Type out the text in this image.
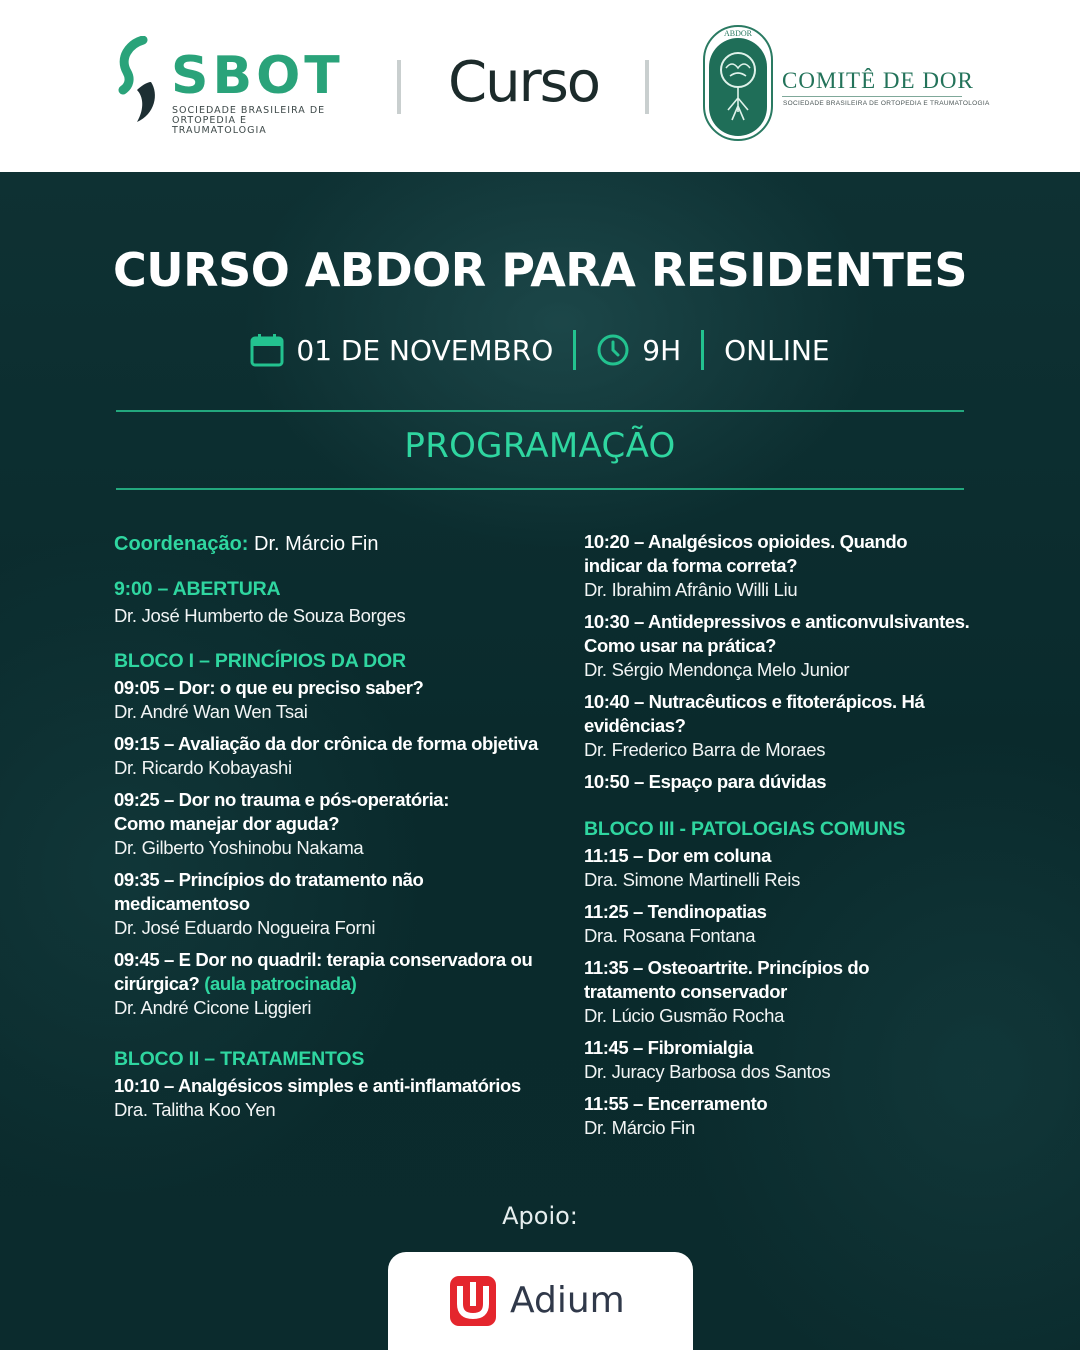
SBOT
SOCIEDADE BRASILEIRA DE ORTOPEDIA E TRAUMATOLOGIA
Curso
ABDOR
COMITÊ DE DOR
SOCIEDADE BRASILEIRA DE ORTOPEDIA E TRAUMATOLOGIA
CURSO ABDOR PARA RESIDENTES
01 DE NOVEMBRO	9H ONLINE
PROGRAMAÇÃO
Coordenação: Dr. Márcio Fin
9:00 – ABERTURA
Dr. José Humberto de Souza Borges
BLOCO I – PRINCÍPIOS DA DOR
09:05 – Dor: o que eu preciso saber?
Dr. André Wan Wen Tsai
09:15 – Avaliação da dor crônica de forma objetiva
Dr. Ricardo Kobayashi
09:25 – Dor no trauma e pós-operatória: Como manejar dor aguda?
Dr. Gilberto Yoshinobu Nakama
09:35 – Princípios do tratamento não medicamentoso
Dr. José Eduardo Nogueira Forni
09:45 – E Dor no quadril: terapia conservadora ou cirúrgica? (aula patrocinada)
Dr. André Cicone Liggieri
BLOCO II – TRATAMENTOS
10:10 – Analgésicos simples e anti-inflamatórios
Dra. Talitha Koo Yen
10:20 – Analgésicos opioides. Quando indicar da forma correta?
Dr. Ibrahim Afrânio Willi Liu
10:30 – Antidepressivos e anticonvulsivantes. Como usar na prática?
Dr. Sérgio Mendonça Melo Junior
10:40 – Nutracêuticos e fitoterápicos. Há evidências?
Dr. Frederico Barra de Moraes
10:50 – Espaço para dúvidas
BLOCO III - PATOLOGIAS COMUNS
11:15 – Dor em coluna
Dra. Simone Martinelli Reis
11:25 – Tendinopatias
Dra. Rosana Fontana
11:35 – Osteoartrite. Princípios do tratamento conservador
Dr. Lúcio Gusmão Rocha
11:45 – Fibromialgia
Dr. Juracy Barbosa dos Santos
11:55 – Encerramento
Dr. Márcio Fin
Apoio:
Adium
